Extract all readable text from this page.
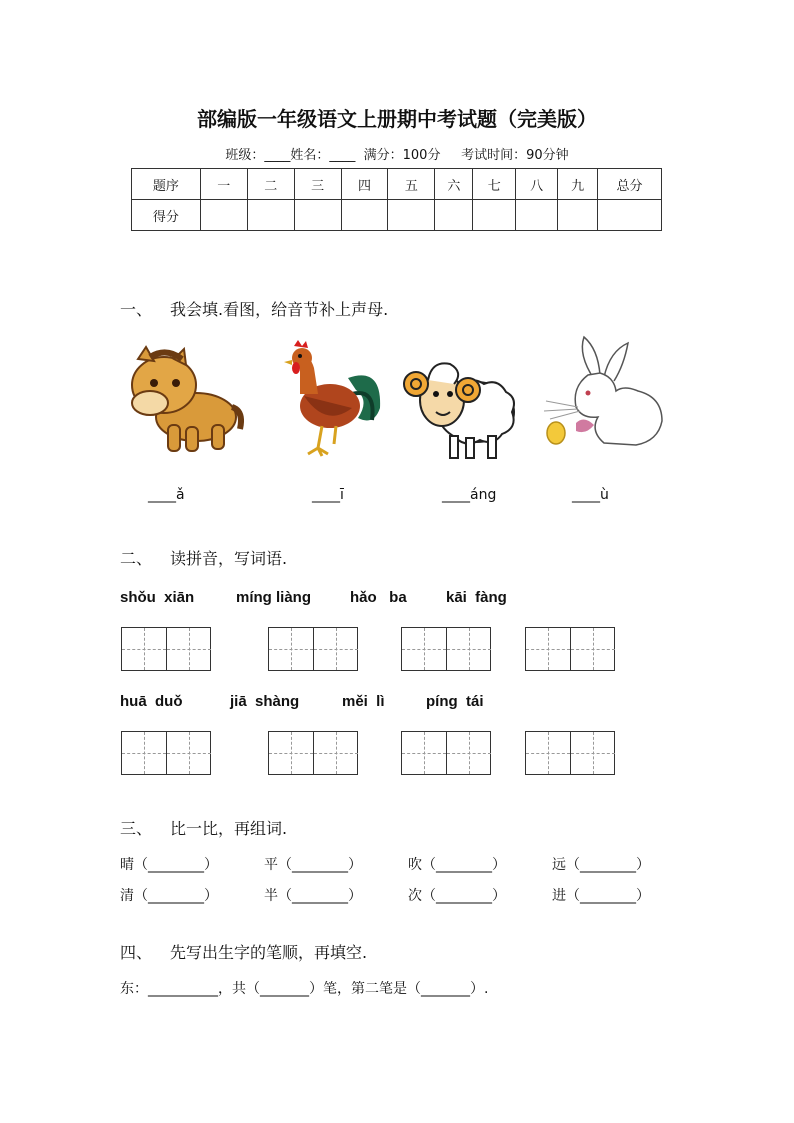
部编版一年级语文上册期中考试题（完美版）
班级：____姓名：____ 满分：100分 考试时间：90分钟
题序	一	二	三	四	五	六	七	八	九	总分
得分										
一、 我会填.看图，给音节补上声母.
____ǎ	____ī	____áng	____ù
二、 读拼音，写词语.
shǒu  xiān	míng liàng	hǎo   ba	kāi  fàng
huā  duǒ	jiā  shàng	měi  lì	píng  tái
三、 比一比，再组词.
晴（________）	平（________）	吹（________）	远（________）
清（________）	半（________）	次（________）	进（________）
四、 先写出生字的笔顺，再填空.
东：__________，共（_______）笔，第二笔是（_______）.
